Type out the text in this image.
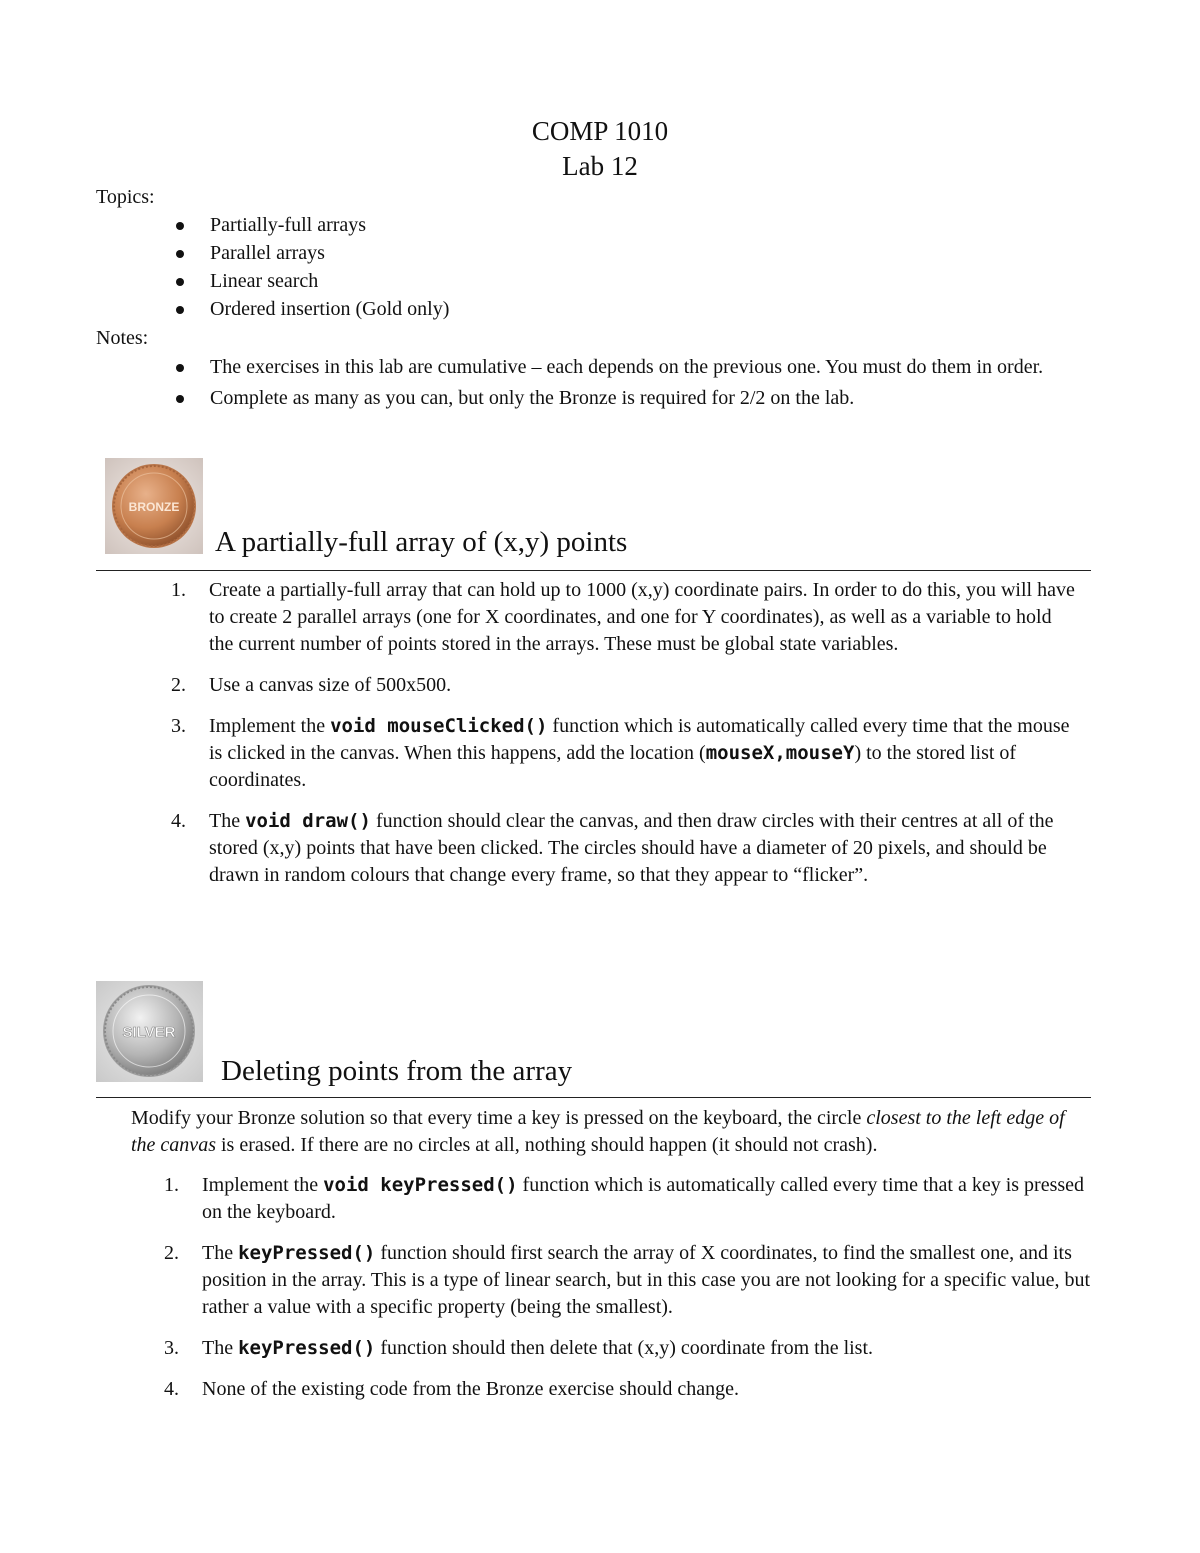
COMP 1010
Lab 12
Topics:
Partially-full arrays
Parallel arrays
Linear search
Ordered insertion (Gold only)
Notes:
The exercises in this lab are cumulative – each depends on the previous one. You must do them in order.
Complete as many as you can, but only the Bronze is required for 2/2 on the lab.
BRONZE
A partially-full array of (x,y) points
1. Create a partially-full array that can hold up to 1000 (x,y) coordinate pairs. In order to do this, you will have to create 2 parallel arrays (one for X coordinates, and one for Y coordinates), as well as a variable to hold the current number of points stored in the arrays. These must be global state variables.
2. Use a canvas size of 500x500.
3. Implement the void mouseClicked() function which is automatically called every time that the mouse is clicked in the canvas. When this happens, add the location (mouseX,mouseY) to the stored list of coordinates.
4. The void draw() function should clear the canvas, and then draw circles with their centres at all of the stored (x,y) points that have been clicked. The circles should have a diameter of 20 pixels, and should be drawn in random colours that change every frame, so that they appear to “flicker”.
SILVER
Deleting points from the array
Modify your Bronze solution so that every time a key is pressed on the keyboard, the circle closest to the left edge of the canvas is erased. If there are no circles at all, nothing should happen (it should not crash).
1. Implement the void keyPressed() function which is automatically called every time that a key is pressed on the keyboard.
2. The keyPressed() function should first search the array of X coordinates, to find the smallest one, and its position in the array. This is a type of linear search, but in this case you are not looking for a specific value, but rather a value with a specific property (being the smallest).
3. The keyPressed() function should then delete that (x,y) coordinate from the list.
4. None of the existing code from the Bronze exercise should change.
